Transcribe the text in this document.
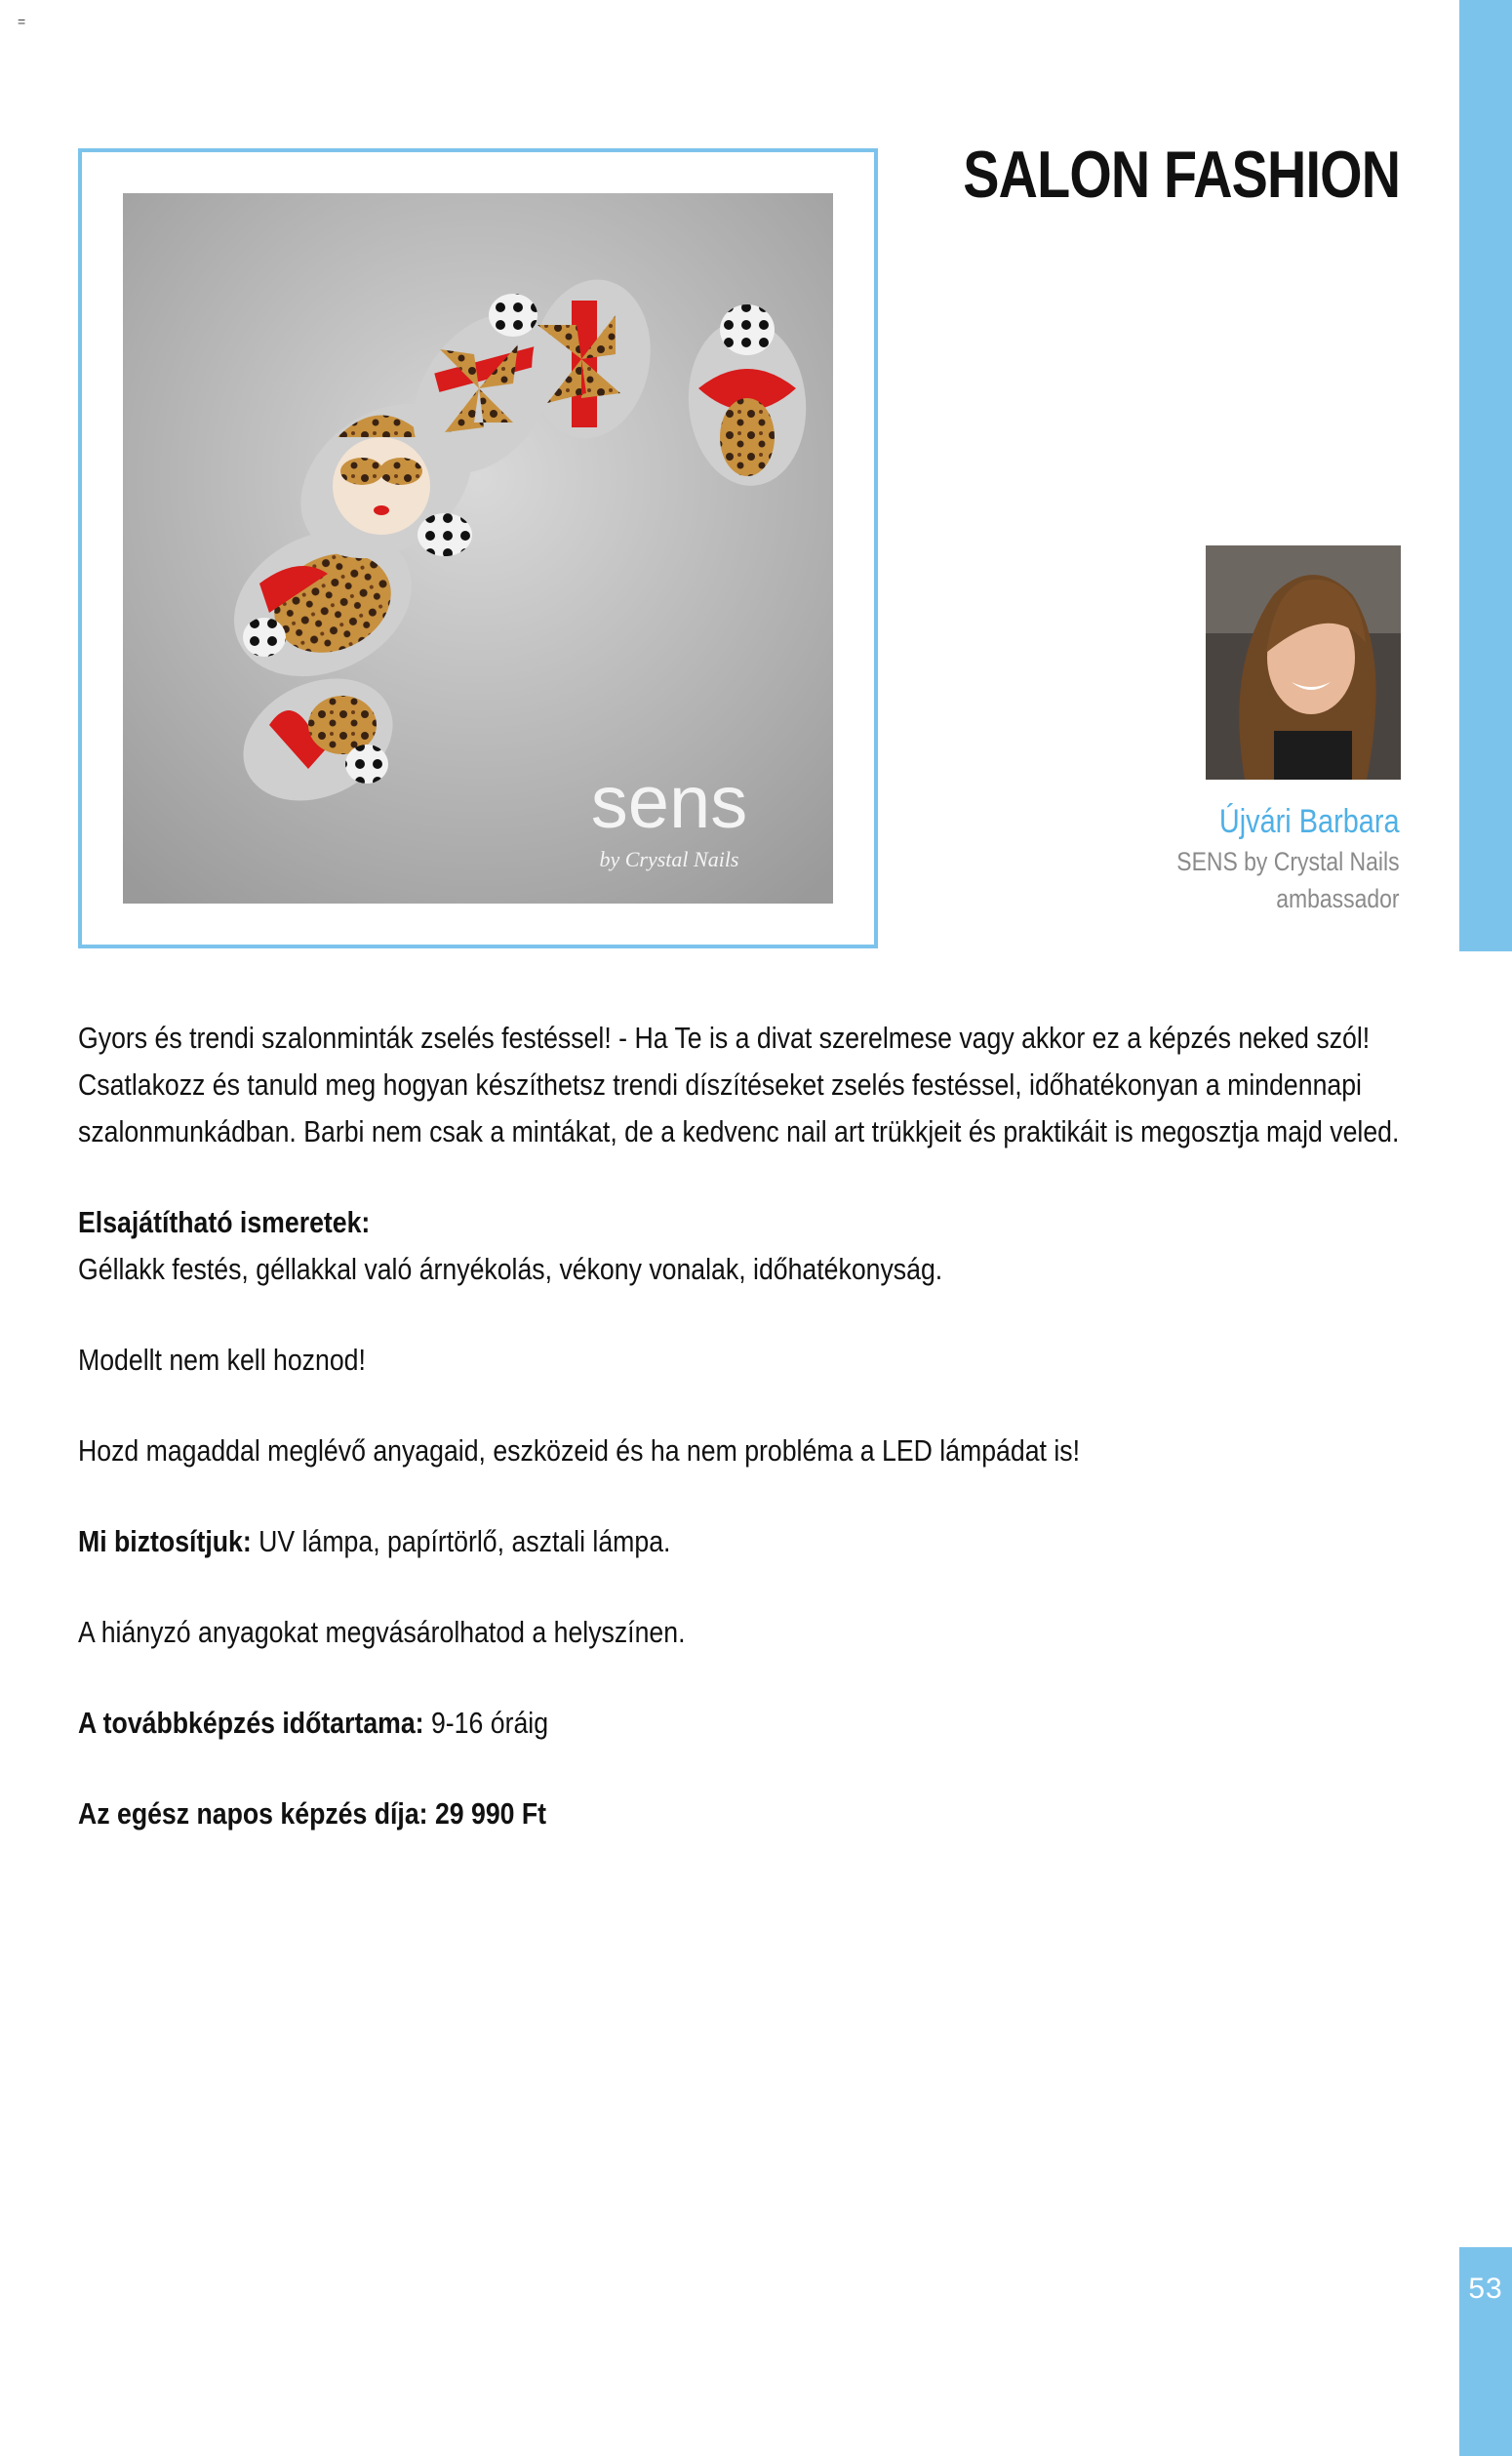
=
SALON FASHION
sens
by Crystal Nails
Újvári Barbara
SENS by Crystal Nails
ambassador

Gyors és trendi szalonminták zselés festéssel! - Ha Te is a divat szerelmese vagy akkor ez a képzés neked szól! Csatlakozz és tanuld meg hogyan készíthetsz trendi díszítéseket zselés festéssel, időhatékonyan a mindennapi szalonmunkádban. Barbi nem csak a mintákat, de a kedvenc nail art trükkjeit és praktikáit is megosztja majd veled.

Elsajátítható ismeretek:
Géllakk festés, géllakkal való árnyékolás, vékony vonalak, időhatékonyság.

Modellt nem kell hoznod!

Hozd magaddal meglévő anyagaid, eszközeid és ha nem probléma a LED lámpádat is!

Mi biztosítjuk: UV lámpa, papírtörlő, asztali lámpa.

A hiányzó anyagokat megvásárolhatod a helyszínen.

A továbbképzés időtartama: 9-16 óráig

Az egész napos képzés díja: 29 990 Ft

53
